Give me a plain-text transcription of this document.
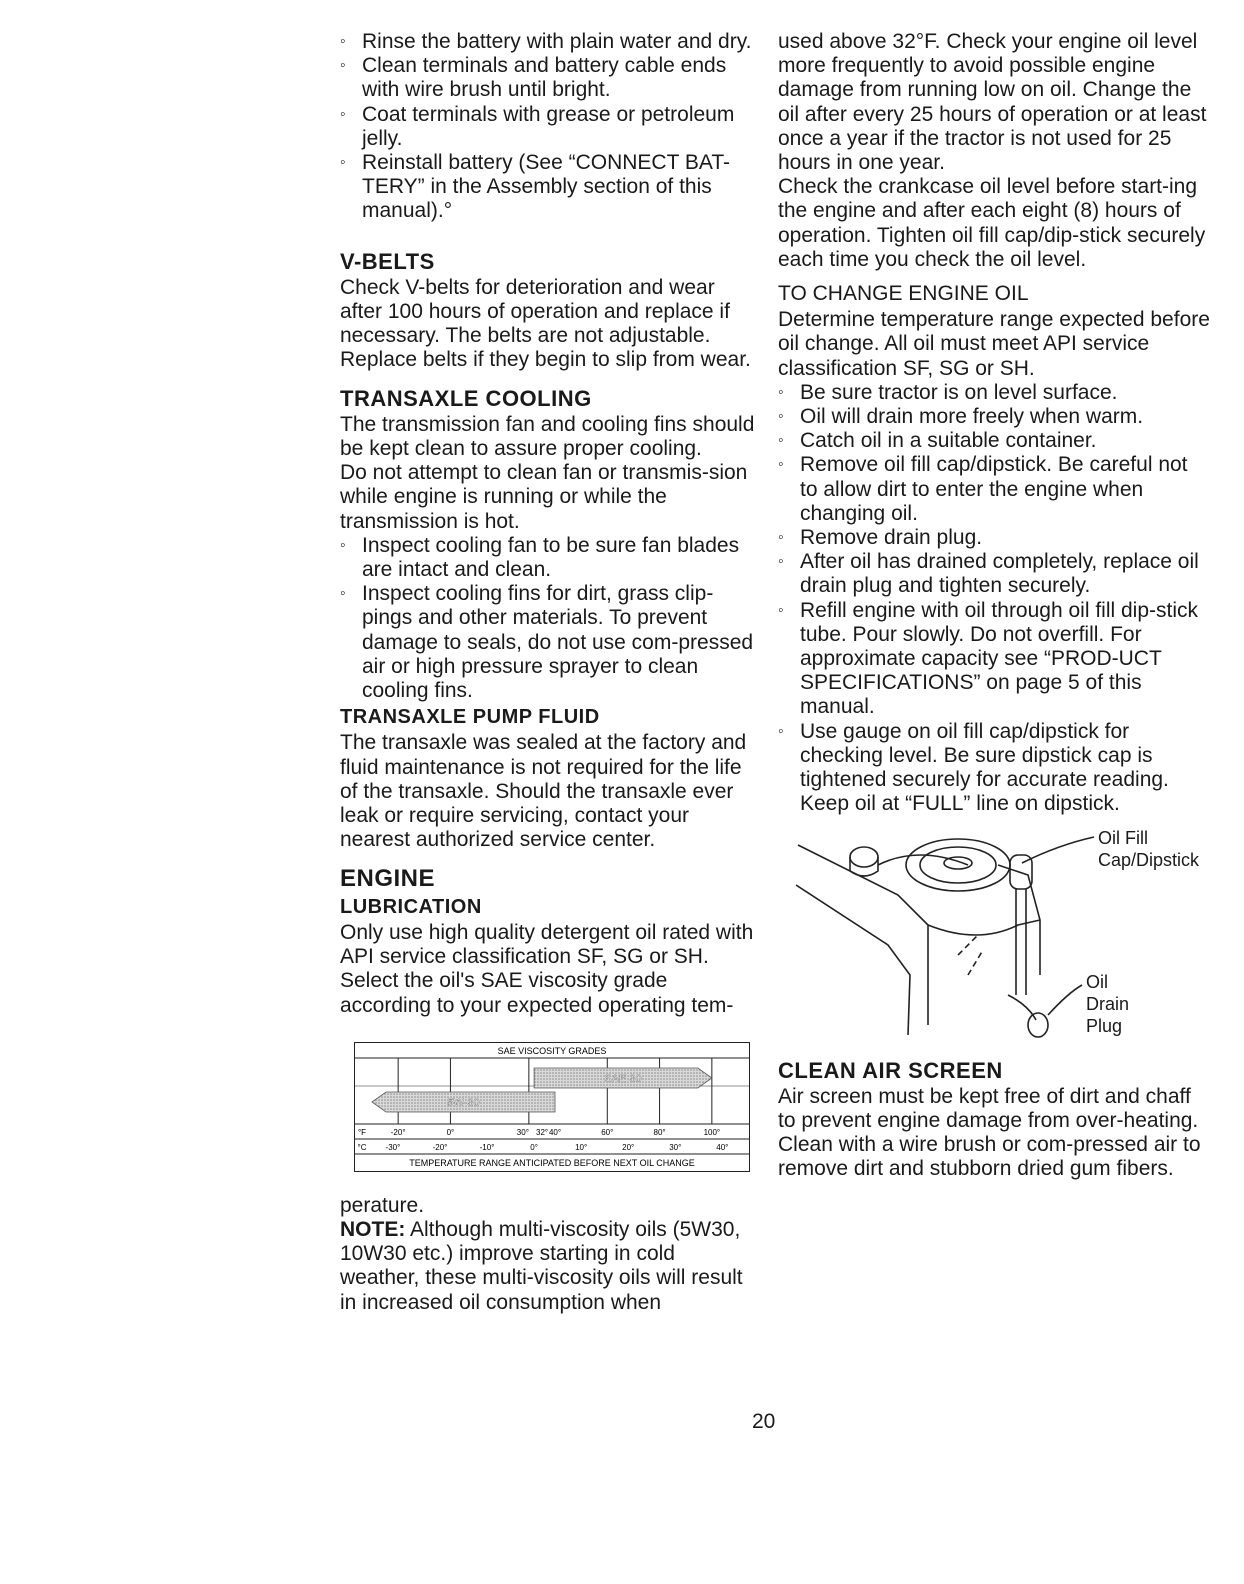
◦ Rinse the battery with plain water and dry.
◦ Clean terminals and battery cable ends with wire brush until bright.
◦ Coat terminals with grease or petroleum jelly.
◦ Reinstall battery (See “CONNECT BAT-TERY” in the Assembly section of this manual).°
V-BELTS

Check V-belts for deterioration and wear after 100 hours of operation and replace if necessary. The belts are not adjustable. Replace belts if they begin to slip from wear.

TRANSAXLE COOLING

The transmission fan and cooling fins should be kept clean to assure proper cooling.

Do not attempt to clean fan or transmis-sion while engine is running or while the transmission is hot.

◦ Inspect cooling fan to be sure fan blades are intact and clean.
◦ Inspect cooling fins for dirt, grass clip-pings and other materials. To prevent damage to seals, do not use com-pressed air or high pressure sprayer to clean cooling fins.
TRANSAXLE PUMP FLUID

The transaxle was sealed at the factory and fluid maintenance is not required for the life of the transaxle. Should the transaxle ever leak or require servicing, contact your nearest authorized service center.

ENGINE
LUBRICATION

Only use high quality detergent oil rated with API service classification SF, SG or SH. Select the oil's SAE viscosity grade according to your expected operating tem-

SAE VISCOSITY GRADES
5W-30
SAE 30
°F	-20°	0°	30° 32° 40°	60°	80°	100°
°C -30°	-20°	-10°	0°	10°	20°	30°	40°
TEMPERATURE RANGE ANTICIPATED BEFORE NEXT OIL CHANGE

perature.

NOTE: Although multi-viscosity oils (5W30, 10W30 etc.) improve starting in cold weather, these multi-viscosity oils will result in increased oil consumption when

used above 32°F. Check your engine oil level more frequently to avoid possible engine damage from running low on oil. Change the oil after every 25 hours of operation or at least once a year if the tractor is not used for 25 hours in one year.

Check the crankcase oil level before start-ing the engine and after each eight (8) hours of operation. Tighten oil fill cap/dip-stick securely each time you check the oil level.

TO CHANGE ENGINE OIL

Determine temperature range expected before oil change. All oil must meet API service classification SF, SG or SH.

◦ Be sure tractor is on level surface.
◦ Oil will drain more freely when warm.
◦ Catch oil in a suitable container.
◦ Remove oil fill cap/dipstick. Be careful not to allow dirt to enter the engine when changing oil.
◦ Remove drain plug.
◦ After oil has drained completely, replace oil drain plug and tighten securely.
◦ Refill engine with oil through oil fill dip-stick tube. Pour slowly. Do not overfill. For approximate capacity see “PROD-UCT SPECIFICATIONS” on page 5 of this manual.
◦ Use gauge on oil fill cap/dipstick for checking level. Be sure dipstick cap is tightened securely for accurate reading. Keep oil at “FULL” line on dipstick.
Oil Fill
Cap/Dipstick
Oil
Drain
Plug
CLEAN AIR SCREEN

Air screen must be kept free of dirt and chaff to prevent engine damage from over-heating. Clean with a wire brush or com-pressed air to remove dirt and stubborn dried gum fibers.

20
